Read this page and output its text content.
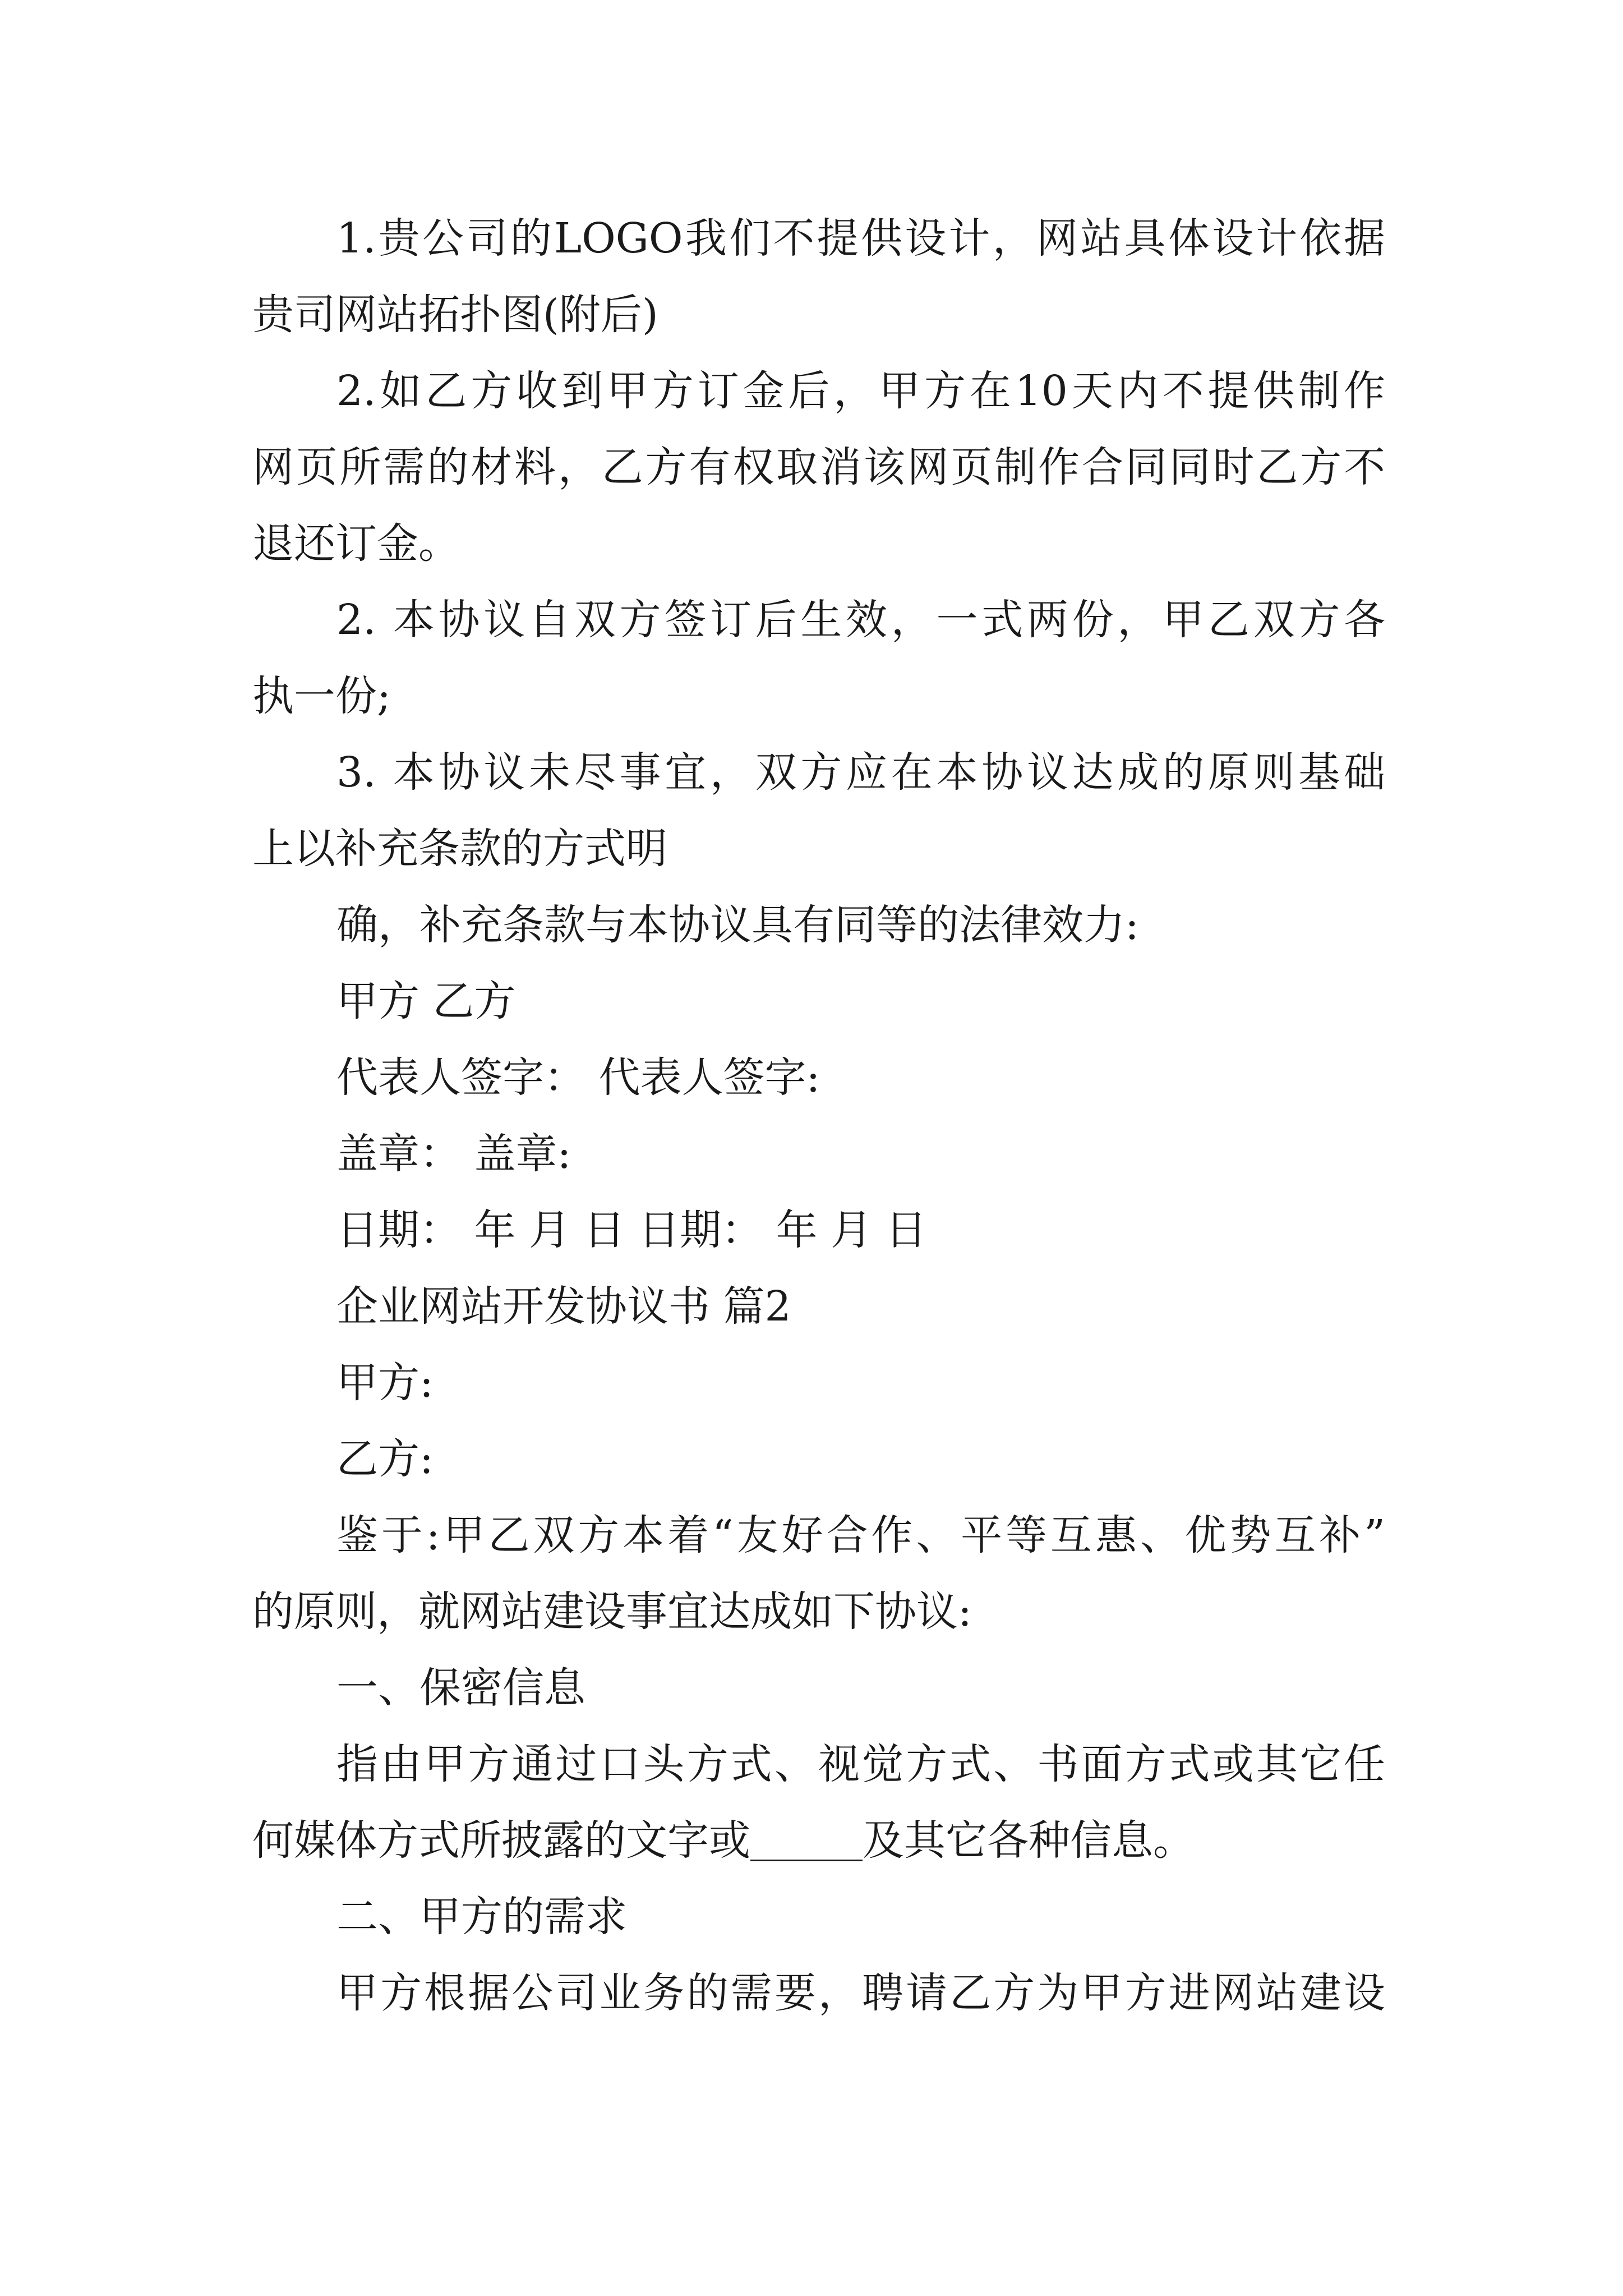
1.贵公司的LOGO我们不提供设计，网站具体设计依据
贵司网站拓扑图(附后)
2.如乙方收到甲方订金后，甲方在10天内不提供制作
网页所需的材料，乙方有权取消该网页制作合同同时乙方不
退还订金。
2. 本协议自双方签订后生效，一式两份，甲乙双方各
执一份;
3. 本协议未尽事宜，双方应在本协议达成的原则基础
上以补充条款的方式明
确，补充条款与本协议具有同等的法律效力:
甲方 乙方
代表人签字： 代表人签字:
盖章： 盖章:
日期： 年 月 日 日期： 年 月 日
企业网站开发协议书 篇2
甲方:
乙方:
鉴于:甲乙双方本着“友好合作、平等互惠、优势互补”
的原则，就网站建设事宜达成如下协议:
一、保密信息
指由甲方通过口头方式、视觉方式、书面方式或其它任
何媒体方式所披露的文字或	及其它各种信息。
二、甲方的需求
甲方根据公司业务的需要，聘请乙方为甲方进网站建设
